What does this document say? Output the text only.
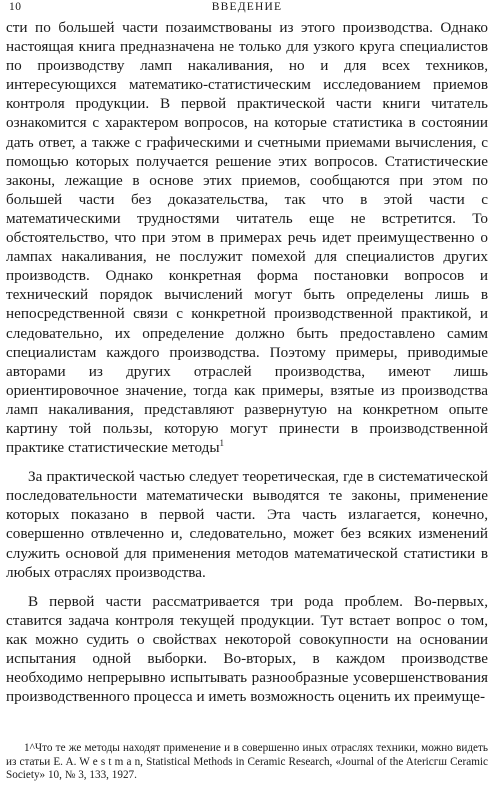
10	ВВЕДЕНИЕ

сти по большей части позаимствованы из этого производства. Однако настоящая книга предназначена не только для узкого круга специалистов по производству ламп накаливания, но и для всех техников, интересующихся математико-статистическим исследованием приемов контроля продукции. В первой практической части книги читатель ознакомится с характером вопросов, на которые статистика в состоянии дать ответ, а также с графическими и счетными приемами вычисления, с помощью которых получается решение этих вопросов. Статистические законы, лежащие в основе этих приемов, сообщаются при этом по большей части без доказательства, так что в этой части с математическими трудностями читатель еще не встретится. То обстоятельство, что при этом в примерах речь идет преимущественно о лампах накаливания, не послужит помехой для специалистов других производств. Однако конкретная форма постановки вопросов и технический порядок вычислений могут быть определены лишь в непосредственной связи с конкретной производственной практикой, и следовательно, их определение должно быть предоставлено самим специалистам каждого производства. Поэтому примеры, приводимые авторами из других отраслей производства, имеют лишь ориентировочное значение, тогда как примеры, взятые из производства ламп накаливания, представляют развернутую на конкретном опыте картину той пользы, которую могут принести в производственной практике статистические методы$^1$

За практической частью следует теоретическая, где в систематической последовательности математически выводятся те законы, применение которых показано в первой части. Эта часть излагается, конечно, совершенно отвлеченно и, следовательно, может без всяких изменений служить основой для применения методов математической статистики в любых отраслях производства.

В первой части рассматривается три рода проблем. Во-первых, ставится задача контроля текущей продукции. Тут встает вопрос о том, как можно судить о свойствах некоторой совокупности на основании испытания одной выборки. Во-вторых, в каждом производстве необходимо непрерывно испытывать разнообразные усовершенствования производственного процесса и иметь возможность оценить их преимуще-

1^Что те же методы находят применение и в совершенно иных отраслях техники, можно видеть из статьи E. A. W e s t m a n, Statistical Methods in Ceramic Research, «Journal of the Atericгш Ceramic Society» 10, № 3, 133, 1927.
